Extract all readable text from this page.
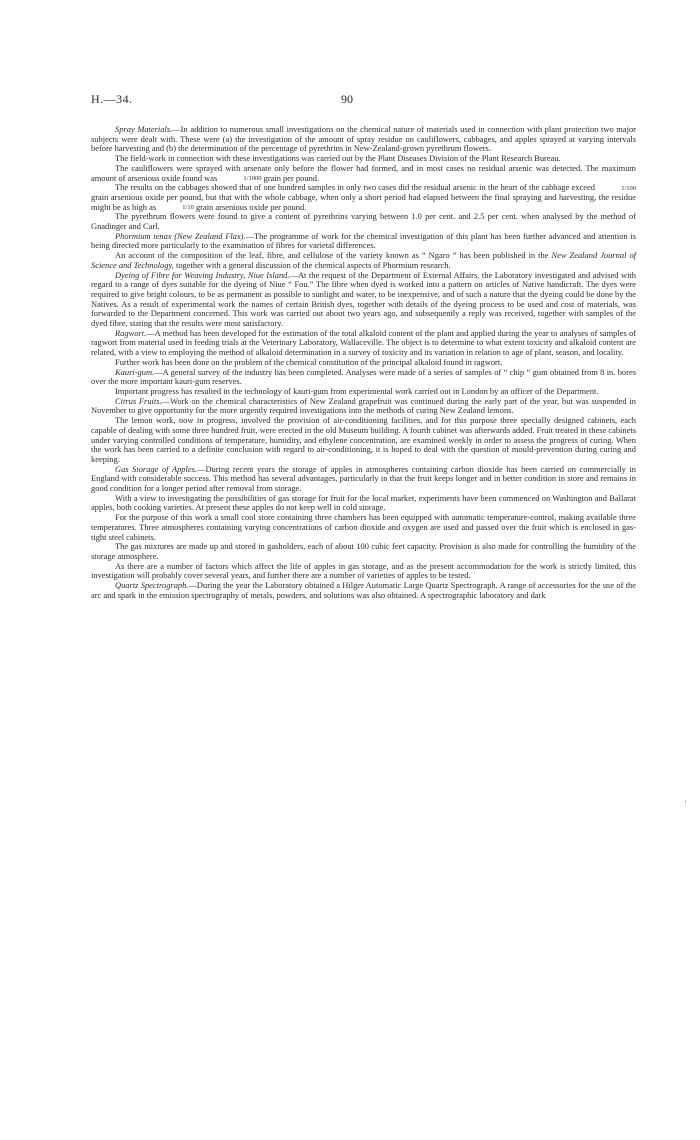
H.—34.	90

Spray Materials.—In addition to numerous small investigations on the chemical nature of materials used in connection with plant protection two major subjects were dealt with. These were (a) the investigation of the amount of spray residue on cauliflowers, cabbages, and apples sprayed at varying intervals before harvesting and (b) the determination of the percentage of pyrethrins in New-Zealand-grown pyrethrum flowers.

The field-work in connection with these investigations was carried out by the Plant Diseases Division of the Plant Research Bureau.

The cauliflowers were sprayed with arsenate only before the flower had formed, and in most cases no residual arsenic was detected. The maximum amount of arsenious oxide found was	1/1000 grain per pound.

The results on the cabbages showed that of one hundred samples in only two cases did the residual arsenic in the heart of the cabbage exceed	1/100 grain arsenious oxide per pound, but that with the whole cabbage, when only a short period had elapsed between the final spraying and harvesting, the residue might be as high as	1/10 grain arsenious oxide per pound.

The pyrethrum flowers were found to give a content of pyrethrins varying between 1.0 per cent. and 2.5 per cent. when analysed by the method of Gnadinger and Carl.

Phormium tenax (New Zealand Flax).—The programme of work for the chemical investigation of this plant has been further advanced and attention is being directed more particularly to the examination of fibres for varietal differences.

An account of the composition of the leaf, fibre, and cellulose of the variety known as “ Ngaro ” has been published in the New Zealand Journal of Science and Technology, together with a general discussion of the chemical aspects of Phormium research.

Dyeing of Fibre for Weaving Industry, Niue Island.—At the request of the Department of External Affairs, the Laboratory investigated and advised with regard to a range of dyes suitable for the dyeing of Niue “ Fou.” The fibre when dyed is worked into a pattern on articles of Native handicraft. The dyes were required to give bright colours, to be as permanent as possible to sunlight and water, to be inexpensive, and of such a nature that the dyeing could be done by the Natives. As a result of experimental work the names of certain British dyes, together with details of the dyeing process to be used and cost of materials, was forwarded to the Department concerned. This work was carried out about two years ago, and subsequently a reply was received, together with samples of the dyed fibre, stating that the results were most satisfactory.

Ragwort.—A method has been developed for the estimation of the total alkaloid content of the plant and applied during the year to analyses of samples of ragwort from material used in feeding trials at the Veterinary Laboratory, Wallaceville. The object is to determine to what extent toxicity and alkaloid content are related, with a view to employing the method of alkaloid determination in a survey of toxicity and its variation in relation to age of plant, season, and locality.

Further work has been done on the problem of the chemical constitution of the principal alkaloid found in ragwort.

Kauri-gum.—A general survey of the industry has been completed. Analyses were made of a series of samples of “ chip ” gum obtained from 8 in. bores over the more important kauri-gum reserves.

Important progress has resulted in the technology of kauri-gum from experimental work carried out in London by an officer of the Department.

Citrus Fruits.—Work on the chemical characteristics of New Zealand grapefruit was continued during the early part of the year, but was suspended in November to give opportunity for the more urgently required investigations into the methods of curing New Zealand lemons.

The lemon work, now in progress, involved the provision of air-conditioning facilities, and for this purpose three specially designed cabinets, each capable of dealing with some three hundred fruit, were erected in the old Museum building. A fourth cabinet was afterwards added. Fruit treated in these cabinets under varying controlled conditions of temperature, humidity, and ethylene concentration, are examined weekly in order to assess the progress of curing. When the work has been carried to a definite conclusion with regard to air-conditioning, it is hoped to deal with the question of mould-prevention during curing and keeping.

Gas Storage of Apples.—During recent years the storage of apples in atmospheres containing carbon dioxide has been carried on commercially in England with considerable success. This method has several advantages, particularly in that the fruit keeps longer and in better condition in store and remains in good condition for a longer period after removal from storage.

With a view to investigating the possibilities of gas storage for fruit for the local market, experiments have been commenced on Washington and Ballarat apples, both cooking varieties. At present these apples do not keep well in cold storage.

For the purpose of this work a small cool store containing three chambers has been equipped with automatic temperature-control, making available three temperatures. Three atmospheres containing varying concentrations of carbon dioxide and oxygen are used and passed over the fruit which is enclosed in gas-tight steel cabinets.

The gas mixtures are made up and stored in gasholders, each of about 100 cubic feet capacity. Provision is also made for controlling the humidity of the storage atmosphere.

As there are a number of factors which affect the life of apples in gas storage, and as the present accommodation for the work is strictly limited, this investigation will probably cover several years, and further there are a number of varieties of apples to be tested.

Quartz Spectrograph.—During the year the Laboratory obtained a Hilger Automatic Large Quartz Spectrograph. A range of accessories for the use of the arc and spark in the emission spectrography of metals, powders, and solutions was also obtained. A spectrographic laboratory and dark

!
